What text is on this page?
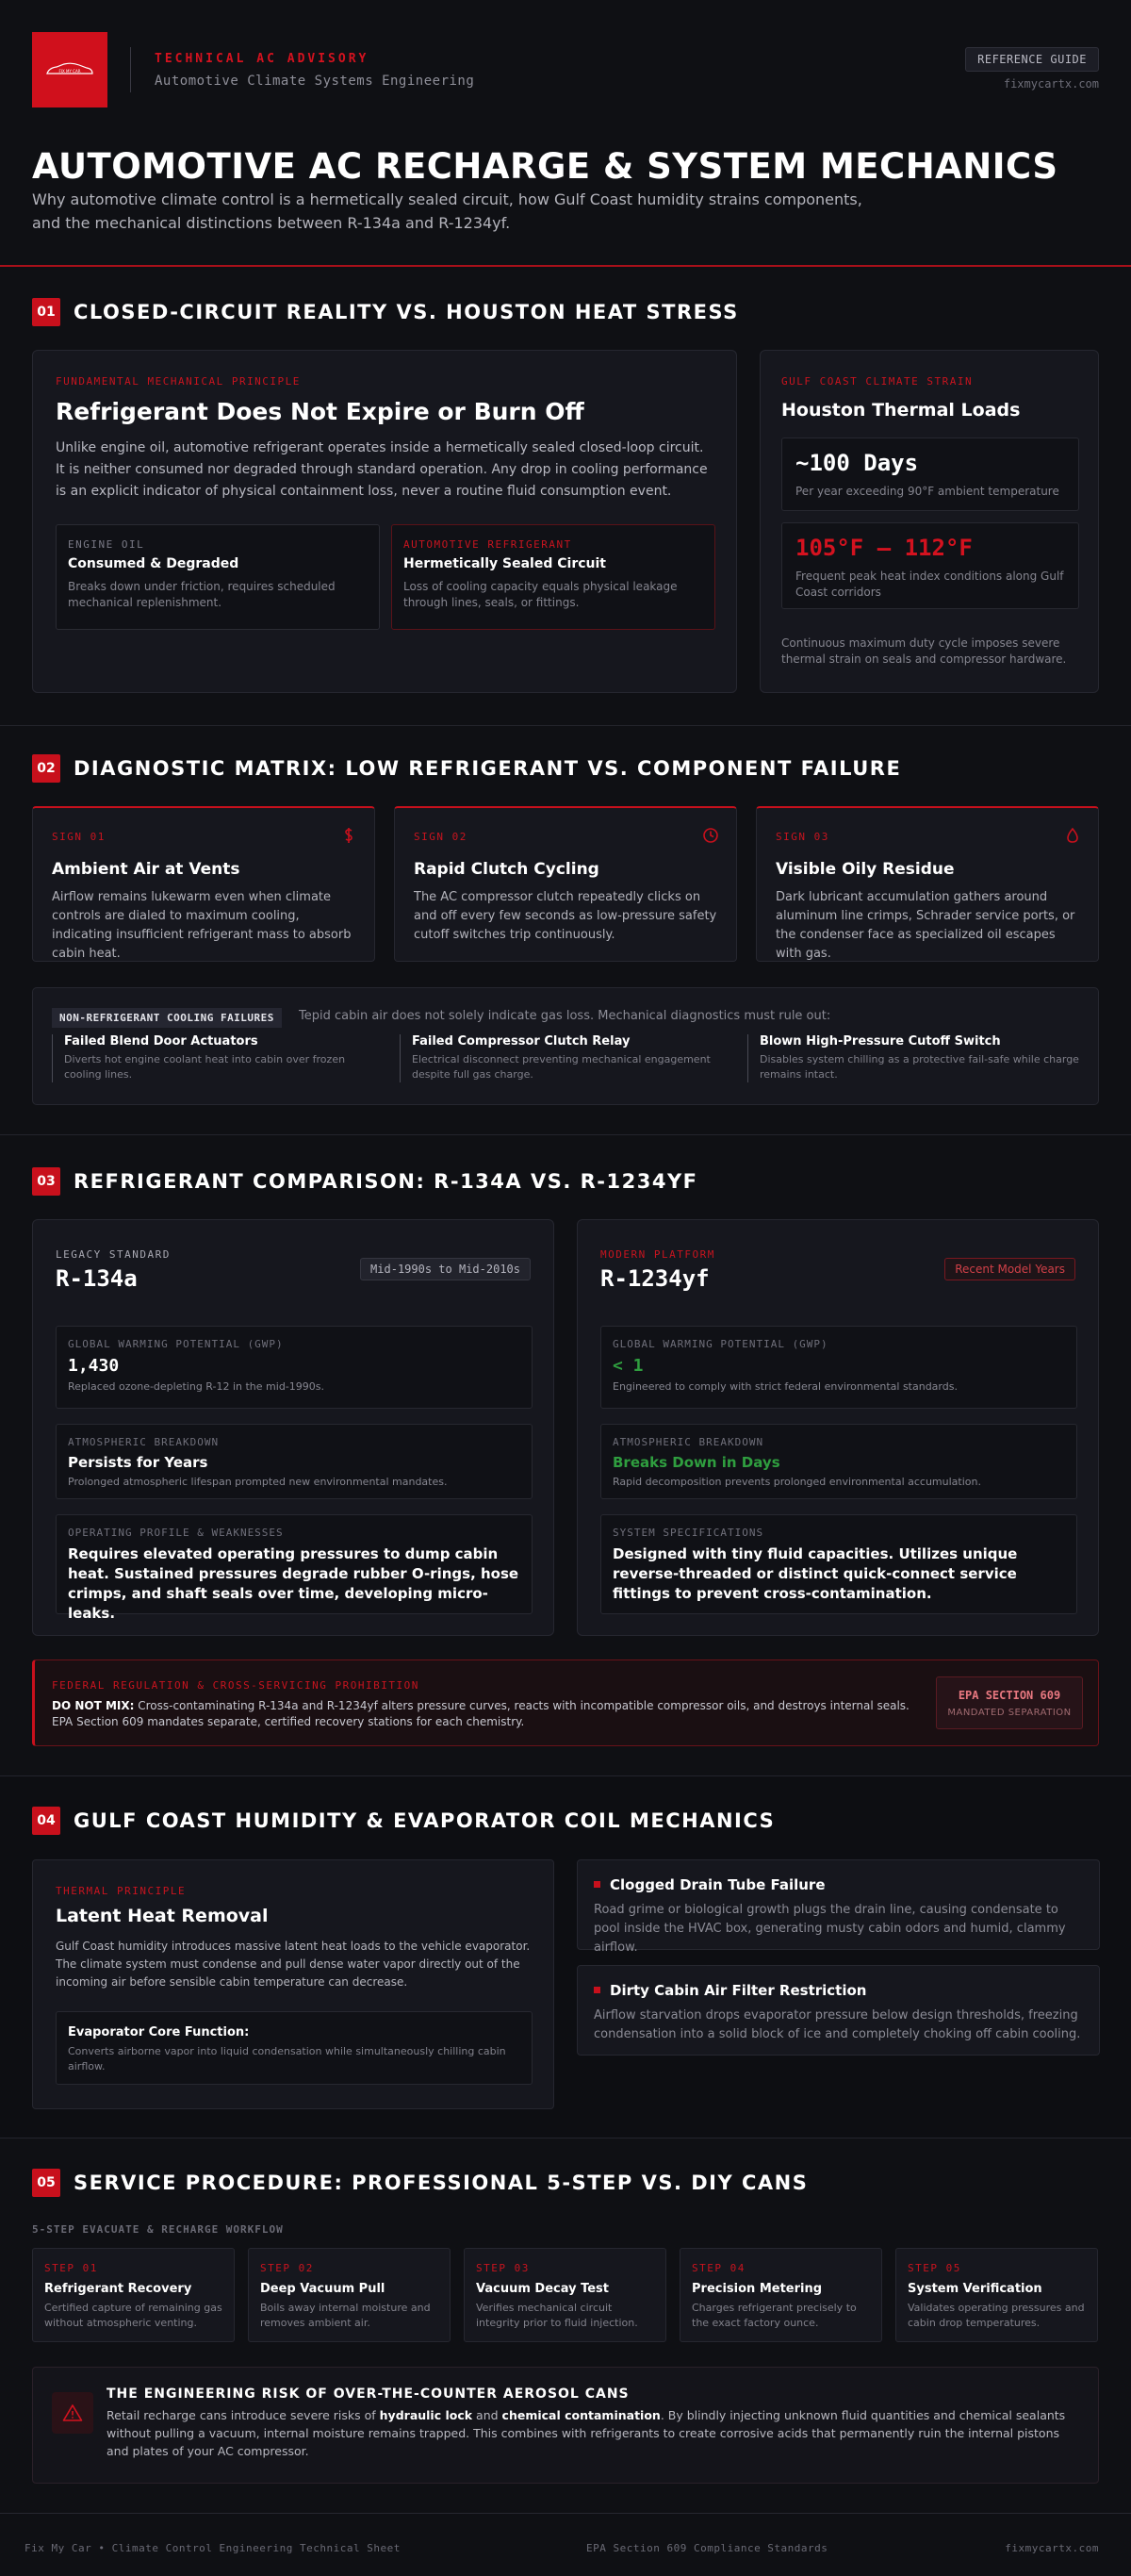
FIX MY CAR
TECHNICAL AC ADVISORY
Automotive Climate Systems Engineering
REFERENCE GUIDE
fixmycartx.com
AUTOMOTIVE AC RECHARGE & SYSTEM MECHANICS

Why automotive climate control is a hermetically sealed circuit, how Gulf Coast humidity strains components, and the mechanical distinctions between R-134a and R-1234yf.

01 CLOSED-CIRCUIT REALITY VS. HOUSTON HEAT STRESS
FUNDAMENTAL MECHANICAL PRINCIPLE
Refrigerant Does Not Expire or Burn Off
Unlike engine oil, automotive refrigerant operates inside a hermetically sealed closed-loop circuit. It is neither consumed nor degraded through standard operation. Any drop in cooling performance is an explicit indicator of physical containment loss, never a routine fluid consumption event.
ENGINE OIL
Consumed & Degraded
Breaks down under friction, requires scheduled mechanical replenishment.
AUTOMOTIVE REFRIGERANT
Hermetically Sealed Circuit
Loss of cooling capacity equals physical leakage through lines, seals, or fittings.
GULF COAST CLIMATE STRAIN
Houston Thermal Loads
~100 Days
Per year exceeding 90°F ambient temperature
105°F – 112°F
Frequent peak heat index conditions along Gulf Coast corridors
Continuous maximum duty cycle imposes severe thermal strain on seals and compressor hardware.
02 DIAGNOSTIC MATRIX: LOW REFRIGERANT VS. COMPONENT FAILURE
SIGN 01
Ambient Air at Vents
Airflow remains lukewarm even when climate controls are dialed to maximum cooling, indicating insufficient refrigerant mass to absorb cabin heat.
SIGN 02
Rapid Clutch Cycling
The AC compressor clutch repeatedly clicks on and off every few seconds as low-pressure safety cutoff switches trip continuously.
SIGN 03
Visible Oily Residue
Dark lubricant accumulation gathers around aluminum line crimps, Schrader service ports, or the condenser face as specialized oil escapes with gas.
NON-REFRIGERANT COOLING FAILURES	Tepid cabin air does not solely indicate gas loss. Mechanical diagnostics must rule out:
Failed Blend Door Actuators
Diverts hot engine coolant heat into cabin over frozen cooling lines.
Failed Compressor Clutch Relay
Electrical disconnect preventing mechanical engagement despite full gas charge.
Blown High-Pressure Cutoff Switch
Disables system chilling as a protective fail-safe while charge remains intact.
03 REFRIGERANT COMPARISON: R-134A VS. R-1234YF
LEGACY STANDARD
R-134a	Mid-1990s to Mid-2010s
GLOBAL WARMING POTENTIAL (GWP)
1,430
Replaced ozone-depleting R-12 in the mid-1990s.
ATMOSPHERIC BREAKDOWN
Persists for Years
Prolonged atmospheric lifespan prompted new environmental mandates.
OPERATING PROFILE & WEAKNESSES
Requires elevated operating pressures to dump cabin heat. Sustained pressures degrade rubber O-rings, hose crimps, and shaft seals over time, developing micro-leaks.
MODERN PLATFORM
R-1234yf	Recent Model Years
GLOBAL WARMING POTENTIAL (GWP)
< 1
Engineered to comply with strict federal environmental standards.
ATMOSPHERIC BREAKDOWN
Breaks Down in Days
Rapid decomposition prevents prolonged environmental accumulation.
SYSTEM SPECIFICATIONS
Designed with tiny fluid capacities. Utilizes unique reverse-threaded or distinct quick-connect service fittings to prevent cross-contamination.
FEDERAL REGULATION & CROSS-SERVICING PROHIBITION
DO NOT MIX: Cross-contaminating R-134a and R-1234yf alters pressure curves, reacts with incompatible compressor oils, and destroys internal seals. EPA Section 609 mandates separate, certified recovery stations for each chemistry.
EPA SECTION 609
MANDATED SEPARATION
04 GULF COAST HUMIDITY & EVAPORATOR COIL MECHANICS
THERMAL PRINCIPLE
Latent Heat Removal
Gulf Coast humidity introduces massive latent heat loads to the vehicle evaporator. The climate system must condense and pull dense water vapor directly out of the incoming air before sensible cabin temperature can decrease.
Evaporator Core Function:
Converts airborne vapor into liquid condensation while simultaneously chilling cabin airflow.
Clogged Drain Tube Failure
Road grime or biological growth plugs the drain line, causing condensate to pool inside the HVAC box, generating musty cabin odors and humid, clammy airflow.
Dirty Cabin Air Filter Restriction
Airflow starvation drops evaporator pressure below design thresholds, freezing condensation into a solid block of ice and completely choking off cabin cooling.
05 SERVICE PROCEDURE: PROFESSIONAL 5-STEP VS. DIY CANS
5-STEP EVACUATE & RECHARGE WORKFLOW
STEP 01
Refrigerant Recovery
Certified capture of remaining gas without atmospheric venting.
STEP 02
Deep Vacuum Pull
Boils away internal moisture and removes ambient air.
STEP 03
Vacuum Decay Test
Verifies mechanical circuit integrity prior to fluid injection.
STEP 04
Precision Metering
Charges refrigerant precisely to the exact factory ounce.
STEP 05
System Verification
Validates operating pressures and cabin drop temperatures.
THE ENGINEERING RISK OF OVER-THE-COUNTER AEROSOL CANS
Retail recharge cans introduce severe risks of hydraulic lock and chemical contamination. By blindly injecting unknown fluid quantities and chemical sealants without pulling a vacuum, internal moisture remains trapped. This combines with refrigerants to create corrosive acids that permanently ruin the internal pistons and plates of your AC compressor.
Fix My Car • Climate Control Engineering Technical Sheet	EPA Section 609 Compliance Standards	fixmycartx.com
